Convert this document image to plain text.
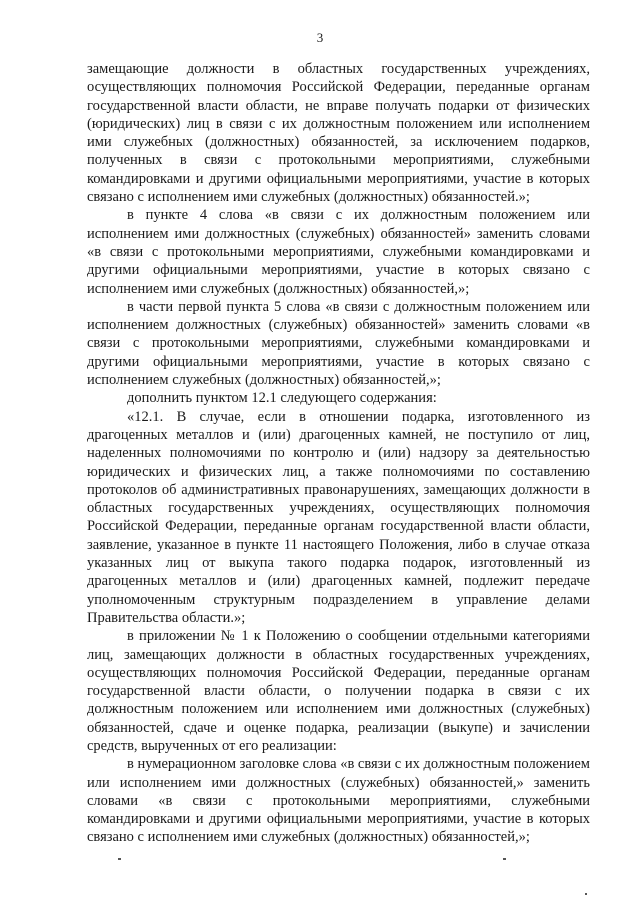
3

замещающие должности в областных государственных учреждениях, осуществляющих полномочия Российской Федерации, переданные органам государственной власти области, не вправе получать подарки от физических (юридических) лиц в связи с их должностным положением или исполнением ими служебных (должностных) обязанностей, за исключением подарков, полученных в связи с протокольными мероприятиями, служебными командировками и другими официальными мероприятиями, участие в которых связано с исполнением ими служебных (должностных) обязанностей.»;

в пункте 4 слова «в связи с их должностным положением или исполнением ими должностных (служебных) обязанностей» заменить словами «в связи с протокольными мероприятиями, служебными командировками и другими официальными мероприятиями, участие в которых связано с исполнением ими служебных (должностных) обязанностей,»;

в части первой пункта 5 слова «в связи с должностным положением или исполнением должностных (служебных) обязанностей» заменить словами «в связи с протокольными мероприятиями, служебными командировками и другими официальными мероприятиями, участие в которых связано с исполнением служебных (должностных) обязанностей,»;

дополнить пунктом 12.1 следующего содержания:

«12.1. В случае, если в отношении подарка, изготовленного из драгоценных металлов и (или) драгоценных камней, не поступило от лиц, наделенных полномочиями по контролю и (или) надзору за деятельностью юридических и физических лиц, а также полномочиями по составлению протоколов об административных правонарушениях, замещающих должности в областных государственных учреждениях, осуществляющих полномочия Российской Федерации, переданные органам государственной власти области, заявление, указанное в пункте 11 настоящего Положения, либо в случае отказа указанных лиц от выкупа такого подарка подарок, изготовленный из драгоценных металлов и (или) драгоценных камней, подлежит передаче уполномоченным структурным подразделением в управление делами Правительства области.»;

в приложении № 1 к Положению о сообщении отдельными категориями лиц, замещающих должности в областных государственных учреждениях, осуществляющих полномочия Российской Федерации, переданные органам государственной власти области, о получении подарка в связи с их должностным положением или исполнением ими должностных (служебных) обязанностей, сдаче и оценке подарка, реализации (выкупе) и зачислении средств, вырученных от его реализации:

в нумерационном заголовке слова «в связи с их должностным положением или исполнением ими должностных (служебных) обязанностей,» заменить словами «в связи с протокольными мероприятиями, служебными командировками и другими официальными мероприятиями, участие в которых связано с исполнением ими служебных (должностных) обязанностей,»;
